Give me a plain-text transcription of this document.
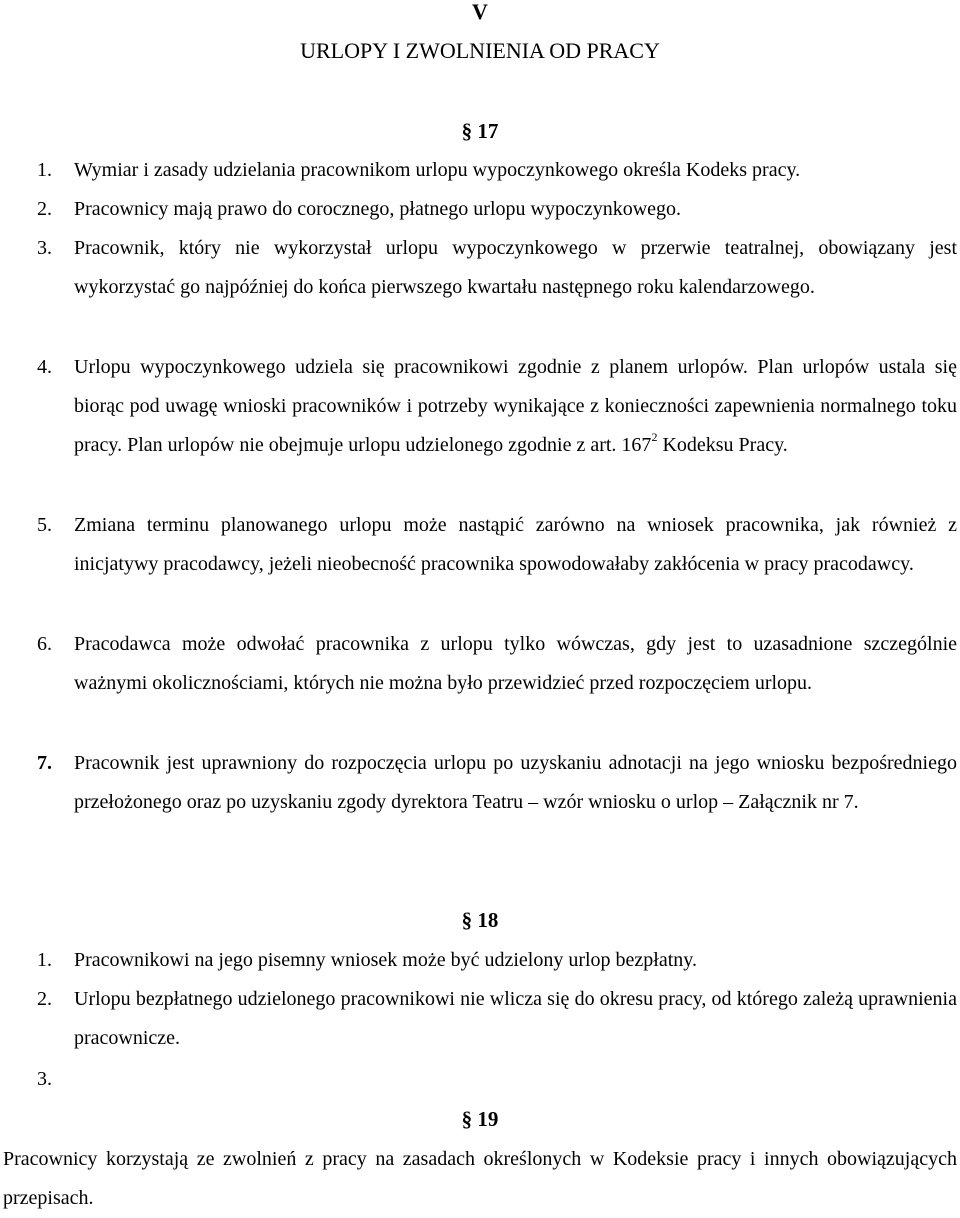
V
URLOPY I ZWOLNIENIA OD PRACY
§ 17
1.	Wymiar i zasady udzielania pracownikom urlopu wypoczynkowego określa Kodeks pracy.
2.	Pracownicy mają prawo do corocznego, płatnego urlopu wypoczynkowego.
3.	Pracownik, który nie wykorzystał urlopu wypoczynkowego w przerwie teatralnej, obowiązany jest wykorzystać go najpóźniej do końca pierwszego kwartału następnego roku kalendarzowego.
4.	Urlopu wypoczynkowego udziela się pracownikowi zgodnie z planem urlopów. Plan urlopów ustala się biorąc pod uwagę wnioski pracowników i potrzeby wynikające z konieczności zapewnienia normalnego toku pracy. Plan urlopów nie obejmuje urlopu udzielonego zgodnie z art. $167^2$ Kodeksu Pracy.
5.	Zmiana terminu planowanego urlopu może nastąpić zarówno na wniosek pracownika, jak również z inicjatywy pracodawcy, jeżeli nieobecność pracownika spowodowałaby zakłócenia w pracy pracodawcy.
6.	Pracodawca może odwołać pracownika z urlopu tylko wówczas, gdy jest to uzasadnione szczególnie ważnymi okolicznościami, których nie można było przewidzieć przed rozpoczęciem urlopu.
7.	Pracownik jest uprawniony do rozpoczęcia urlopu po uzyskaniu adnotacji na jego wniosku bezpośredniego przełożonego oraz po uzyskaniu zgody dyrektora Teatru – wzór wniosku o urlop – Załącznik nr 7.
§ 18
1.	Pracownikowi na jego pisemny wniosek może być udzielony urlop bezpłatny.
2.	Urlopu bezpłatnego udzielonego pracownikowi nie wlicza się do okresu pracy, od którego zależą uprawnienia pracownicze.
3.
§ 19
Pracownicy korzystają ze zwolnień z pracy na zasadach określonych w Kodeksie pracy i innych obowiązujących przepisach.
